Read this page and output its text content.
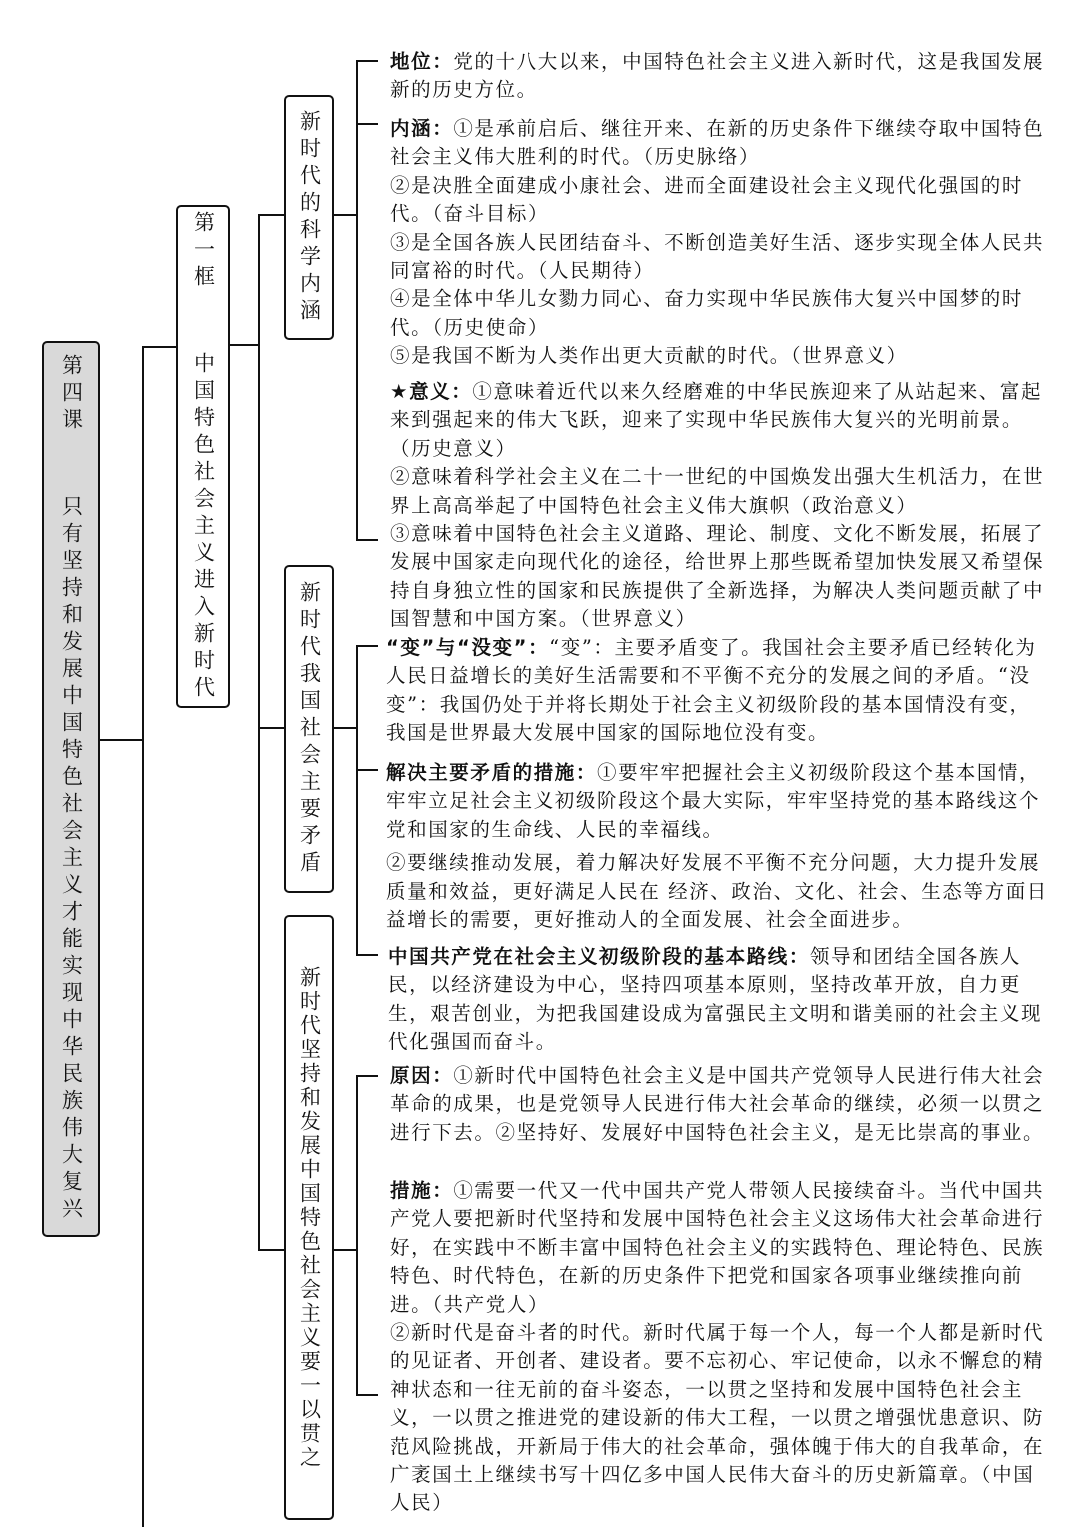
第四课  只有坚持和发展中国特色社会主义才能实现中华民族伟大复兴	第一框  中国特色社会主义进入新时代	新时代的科学内涵
新时代我国社会主要矛盾
新时代坚持和发展中国特色社会主义要一以贯之

地位：党的十八大以来，中国特色社会主义进入新时代，这是我国发展新的历史方位。

内涵：①是承前启后、继往开来、在新的历史条件下继续夺取中国特色社会主义伟大胜利的时代。（历史脉络）

②是决胜全面建成小康社会、进而全面建设社会主义现代化强国的时代。（奋斗目标）

③是全国各族人民团结奋斗、不断创造美好生活、逐步实现全体人民共同富裕的时代。（人民期待）

④是全体中华儿女勠力同心、奋力实现中华民族伟大复兴中国梦的时代。（历史使命）

⑤是我国不断为人类作出更大贡献的时代。（世界意义）

★意义：①意味着近代以来久经磨难的中华民族迎来了从站起来、富起来到强起来的伟大飞跃，迎来了实现中华民族伟大复兴的光明前景。（历史意义）

②意味着科学社会主义在二十一世纪的中国焕发出强大生机活力，在世界上高高举起了中国特色社会主义伟大旗帜（政治意义）

③意味着中国特色社会主义道路、理论、制度、文化不断发展，拓展了发展中国家走向现代化的途径，给世界上那些既希望加快发展又希望保持自身独立性的国家和民族提供了全新选择，为解决人类问题贡献了中国智慧和中国方案。（世界意义）

“变”与“没变”：“变”：主要矛盾变了。我国社会主要矛盾已经转化为人民日益增长的美好生活需要和不平衡不充分的发展之间的矛盾。“没变”：我国仍处于并将长期处于社会主义初级阶段的基本国情没有变，我国是世界最大发展中国家的国际地位没有变。

解决主要矛盾的措施：①要牢牢把握社会主义初级阶段这个基本国情，牢牢立足社会主义初级阶段这个最大实际，牢牢坚持党的基本路线这个党和国家的生命线、人民的幸福线。

②要继续推动发展，着力解决好发展不平衡不充分问题，大力提升发展质量和效益，更好满足人民在 经济、政治、文化、社会、生态等方面日益增长的需要，更好推动人的全面发展、社会全面进步。

中国共产党在社会主义初级阶段的基本路线：领导和团结全国各族人民，以经济建设为中心，坚持四项基本原则，坚持改革开放，自力更生，艰苦创业，为把我国建设成为富强民主文明和谐美丽的社会主义现代化强国而奋斗。

原因：①新时代中国特色社会主义是中国共产党领导人民进行伟大社会革命的成果，也是党领导人民进行伟大社会革命的继续，必须一以贯之进行下去。②坚持好、发展好中国特色社会主义，是无比崇高的事业。

措施：①需要一代又一代中国共产党人带领人民接续奋斗。当代中国共产党人要把新时代坚持和发展中国特色社会主义这场伟大社会革命进行好，在实践中不断丰富中国特色社会主义的实践特色、理论特色、民族特色、时代特色，在新的历史条件下把党和国家各项事业继续推向前进。（共产党人）

②新时代是奋斗者的时代。新时代属于每一个人，每一个人都是新时代的见证者、开创者、建设者。要不忘初心、牢记使命，以永不懈怠的精神状态和一往无前的奋斗姿态，一以贯之坚持和发展中国特色社会主义，一以贯之推进党的建设新的伟大工程，一以贯之增强忧患意识、防范风险挑战，开新局于伟大的社会革命，强体魄于伟大的自我革命，在广袤国土上继续书写十四亿多中国人民伟大奋斗的历史新篇章。（中国人民）
